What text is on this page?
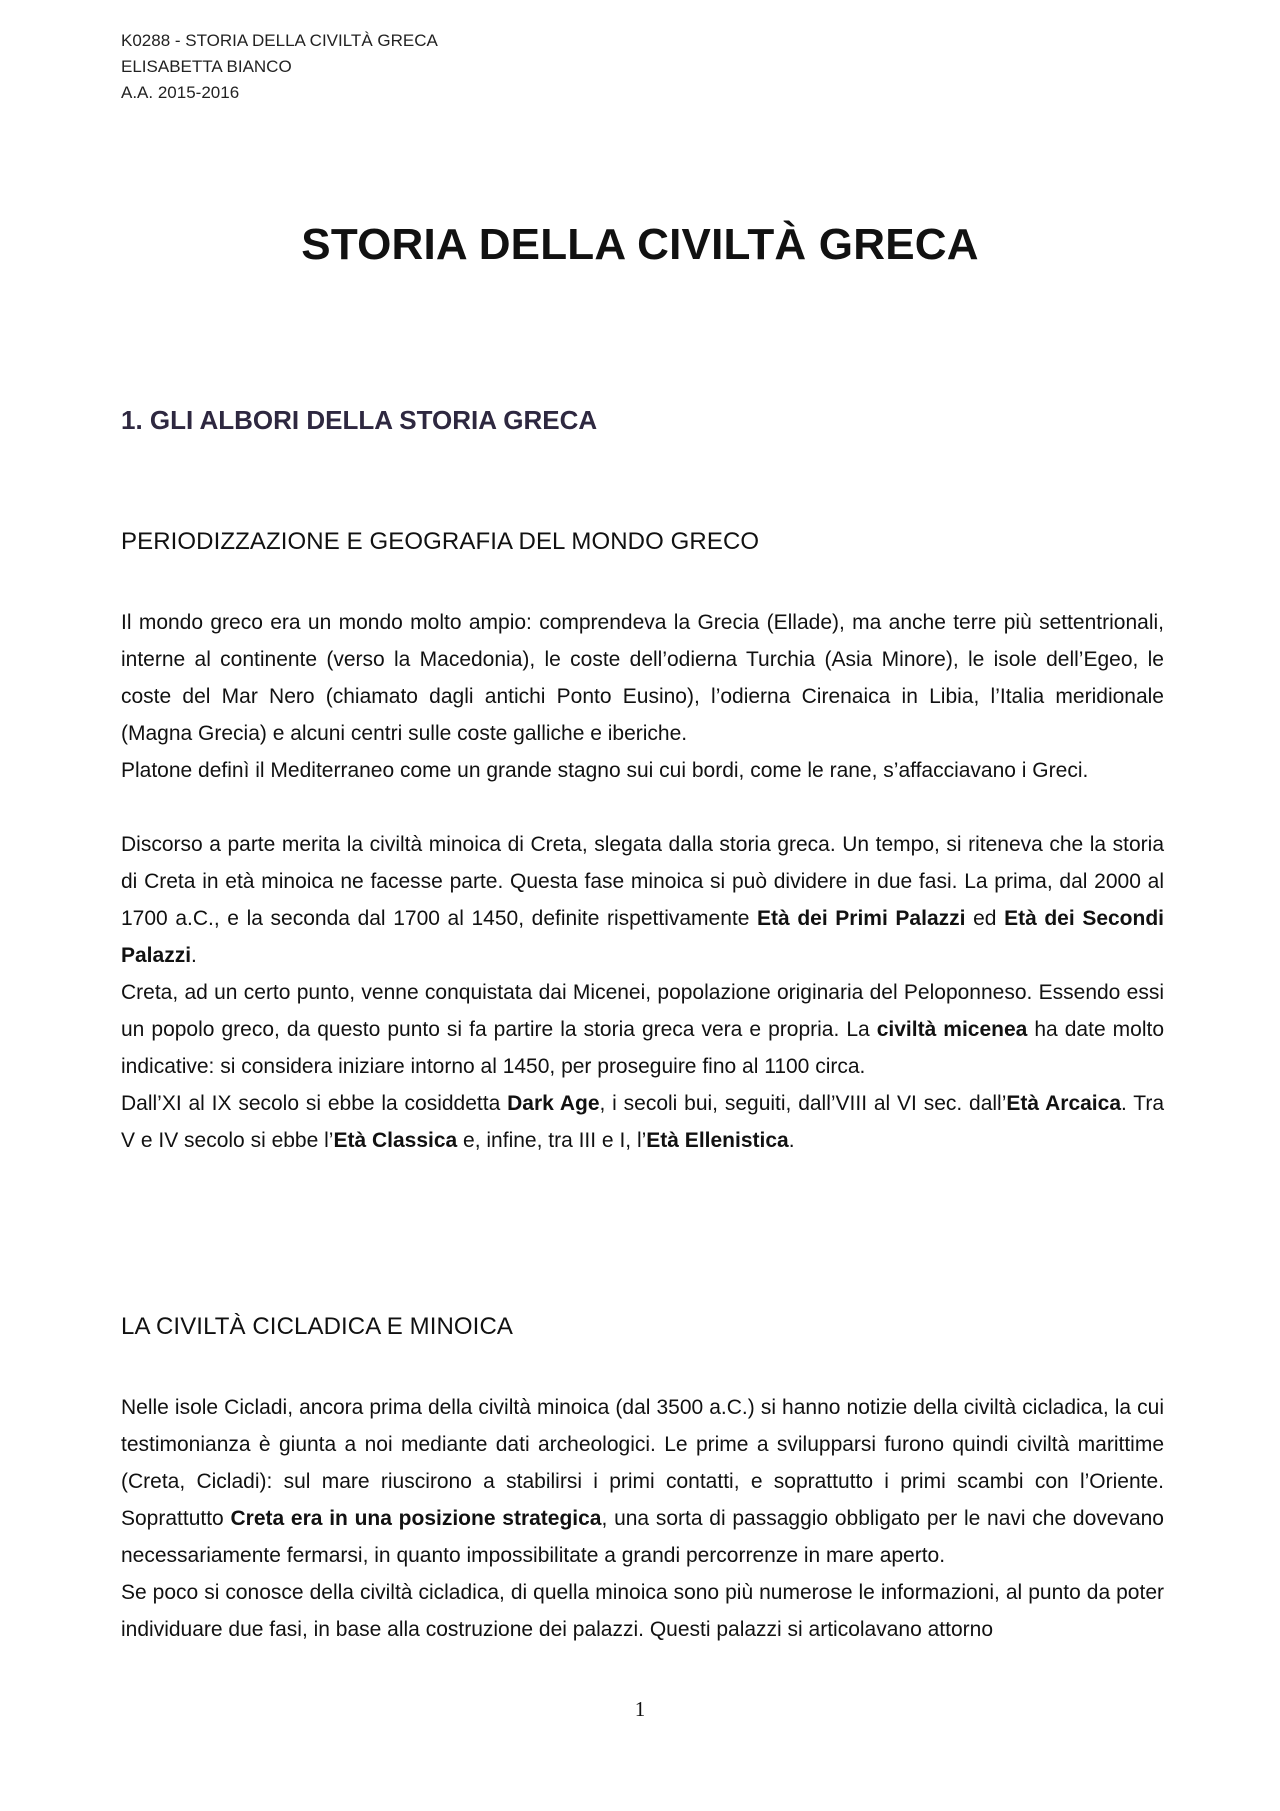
K0288 - STORIA DELLA CIVILTÀ GRECA
ELISABETTA BIANCO
A.A. 2015-2016
STORIA DELLA CIVILTÀ GRECA
1. GLI ALBORI DELLA STORIA GRECA
PERIODIZZAZIONE E GEOGRAFIA DEL MONDO GRECO

Il mondo greco era un mondo molto ampio: comprendeva la Grecia (Ellade), ma anche terre più settentrionali, interne al continente (verso la Macedonia), le coste dell’odierna Turchia (Asia Minore), le isole dell’Egeo, le coste del Mar Nero (chiamato dagli antichi Ponto Eusino), l’odierna Cirenaica in Libia, l’Italia meridionale (Magna Grecia) e alcuni centri sulle coste galliche e iberiche.

Platone definì il Mediterraneo come un grande stagno sui cui bordi, come le rane, s’affacciavano i Greci.

Discorso a parte merita la civiltà minoica di Creta, slegata dalla storia greca. Un tempo, si riteneva che la storia di Creta in età minoica ne facesse parte. Questa fase minoica si può dividere in due fasi. La prima, dal 2000 al 1700 a.C., e la seconda dal 1700 al 1450, definite rispettivamente Età dei Primi Palazzi ed Età dei Secondi Palazzi.

Creta, ad un certo punto, venne conquistata dai Micenei, popolazione originaria del Peloponneso. Essendo essi un popolo greco, da questo punto si fa partire la storia greca vera e propria. La civiltà micenea ha date molto indicative: si considera iniziare intorno al 1450, per proseguire fino al 1100 circa.

Dall’XI al IX secolo si ebbe la cosiddetta Dark Age, i secoli bui, seguiti, dall’VIII al VI sec. dall’Età Arcaica. Tra V e IV secolo si ebbe l’Età Classica e, infine, tra III e I, l’Età Ellenistica.

LA CIVILTÀ CICLADICA E MINOICA

Nelle isole Cicladi, ancora prima della civiltà minoica (dal 3500 a.C.) si hanno notizie della civiltà cicladica, la cui testimonianza è giunta a noi mediante dati archeologici. Le prime a svilupparsi furono quindi civiltà marittime (Creta, Cicladi): sul mare riuscirono a stabilirsi i primi contatti, e soprattutto i primi scambi con l’Oriente. Soprattutto Creta era in una posizione strategica, una sorta di passaggio obbligato per le navi che dovevano necessariamente fermarsi, in quanto impossibilitate a grandi percorrenze in mare aperto.

Se poco si conosce della civiltà cicladica, di quella minoica sono più numerose le informazioni, al punto da poter individuare due fasi, in base alla costruzione dei palazzi. Questi palazzi si articolavano attorno

1
